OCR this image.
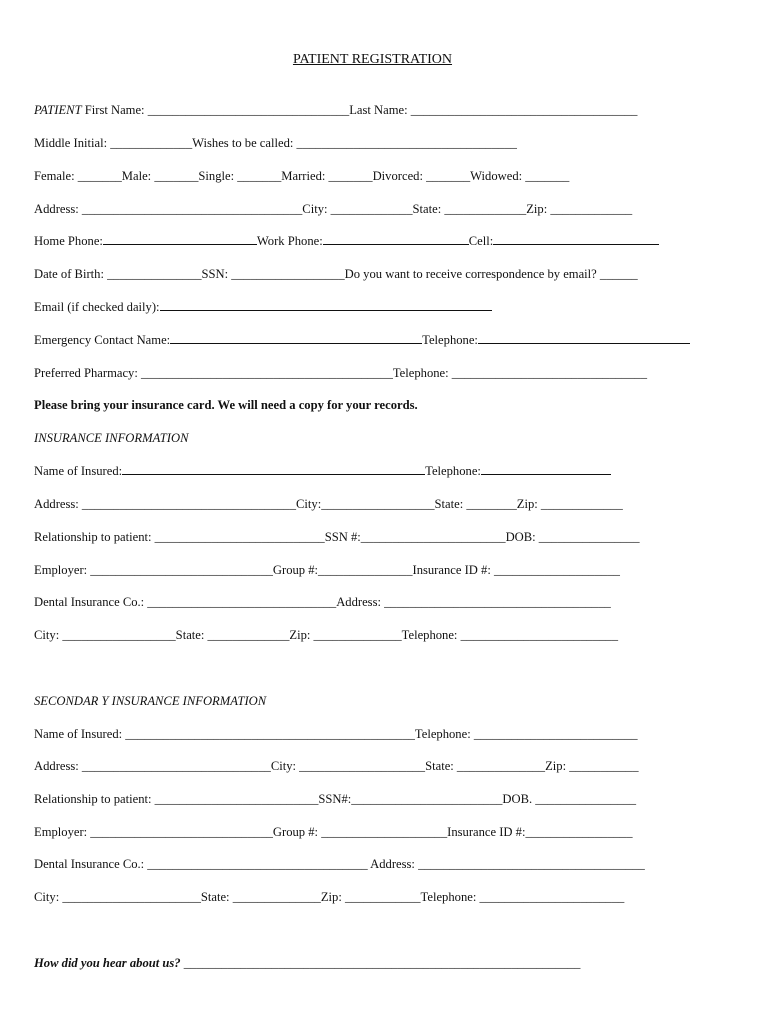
PATIENT REGISTRATION
PATIENT First Name: ________________________________Last Name: ____________________________________
Middle Initial: _____________Wishes to be called: ___________________________________
Female: _______Male: _______Single: _______Married: _______Divorced: _______Widowed: _______
Address: ___________________________________City: _____________State: _____________Zip: _____________
Home Phone:	Work Phone:	Cell:
Date of Birth: _______________SSN: __________________Do you want to receive correspondence by email? ______
Email (if checked daily):
Emergency Contact Name:	Telephone:
Preferred Pharmacy: ________________________________________Telephone: _______________________________
Please bring your insurance card. We will need a copy for your records.
INSURANCE INFORMATION
Name of Insured:	Telephone:
Address: __________________________________City:__________________State: ________Zip: _____________
Relationship to patient: ___________________________SSN #:_______________________DOB: ________________
Employer: _____________________________Group #:_______________Insurance ID #: ____________________
Dental Insurance Co.: ______________________________Address: ____________________________________
City: __________________State: _____________Zip: ______________Telephone: _________________________
SECONDAR Y INSURANCE INFORMATION
Name of Insured: ______________________________________________Telephone: __________________________
Address: ______________________________City: ____________________State: ______________Zip: ___________
Relationship to patient: __________________________SSN#:________________________DOB. ________________
Employer: _____________________________Group #: ____________________Insurance ID #:_________________
Dental Insurance Co.: ___________________________________ Address: ____________________________________
City: ______________________State: ______________Zip: ____________Telephone: _______________________
How did you hear about us? _______________________________________________________________
